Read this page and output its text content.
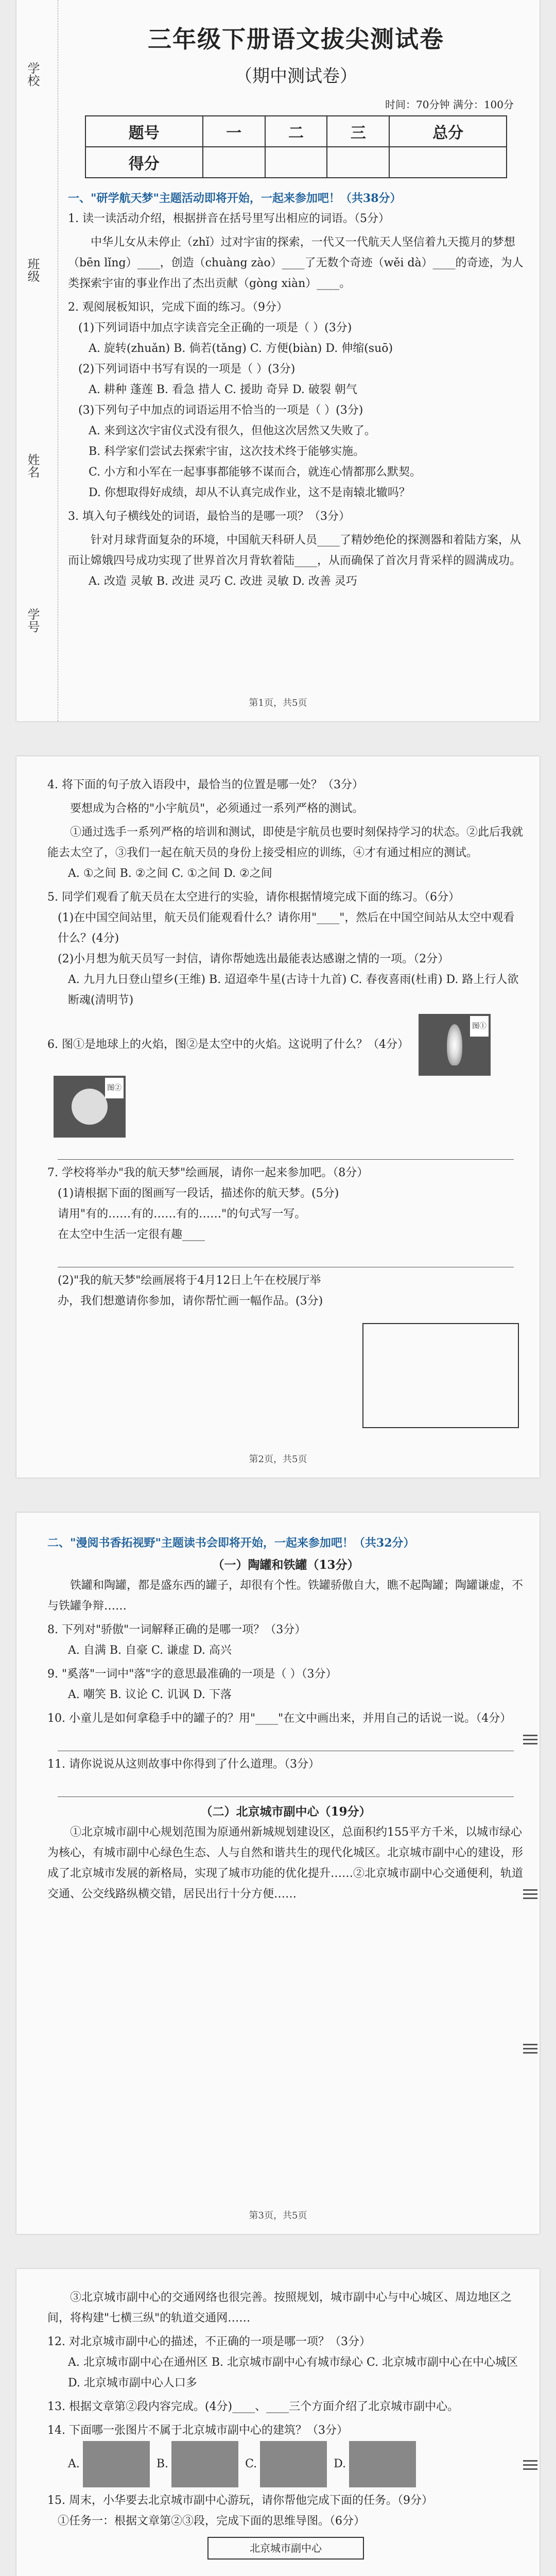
学校
班级
姓名
学号
三年级下册语文拔尖测试卷
（期中测试卷）
时间：70分钟 满分：100分
题号	一	二	三	总分
得分				
一、"研学航天梦"主题活动即将开始，一起来参加吧！（共38分）
1. 读一读活动介绍，根据拼音在括号里写出相应的词语。（5分）
中华儿女从未停止（zhǐ）过对宇宙的探索，一代又一代航天人坚信着九天揽月的梦想（bēn lǐng）____，创造（chuàng zào）____了无数个奇迹（wěi dà）____的奇迹，为人类探索宇宙的事业作出了杰出贡献（gòng xiàn）____。
2. 观阅展板知识，完成下面的练习。（9分）
(1)下列词语中加点字读音完全正确的一项是（ ）(3分)
A. 旋转(zhuǎn) B. 倘若(tǎng) C. 方便(biàn) D. 伸缩(suō)
(2)下列词语中书写有误的一项是（ ）(3分)
A. 耕种 蓬莲 B. 看急 措人 C. 援助 奇异 D. 破裂 朝气
(3)下列句子中加点的词语运用不恰当的一项是（ ）(3分)
A. 来到这次宇宙仪式没有很久，但他这次居然又失败了。
B. 科学家们尝试去探索宇宙，这次技术终于能够实施。
C. 小方和小军在一起事事都能够不谋而合，就连心情都那么默契。
D. 你想取得好成绩，却从不认真完成作业，这不是南辕北辙吗？
3. 填入句子横线处的词语，最恰当的是哪一项？（3分）
针对月球背面复杂的环境，中国航天科研人员____了精妙绝伦的探测器和着陆方案，从而让嫦娥四号成功实现了世界首次月背软着陆____，从而确保了首次月背采样的圆满成功。
A. 改造 灵敏 B. 改进 灵巧 C. 改进 灵敏 D. 改善 灵巧
第1页，共5页
4. 将下面的句子放入语段中，最恰当的位置是哪一处？（3分）
要想成为合格的"小宇航员"，必须通过一系列严格的测试。
①通过选手一系列严格的培训和测试，即使是宇航员也要时刻保持学习的状态。②此后我就能去太空了，③我们一起在航天员的身份上接受相应的训练，④才有通过相应的测试。
A. ①之间 B. ②之间 C. ①之间 D. ②之间
5. 同学们观看了航天员在太空进行的实验，请你根据情境完成下面的练习。（6分）
(1)在中国空间站里，航天员们能观看什么？请你用"____"，然后在中国空间站从太空中观看什么？(4分)
(2)小月想为航天员写一封信，请你帮她选出最能表达感谢之情的一项。（2分）
A. 九月九日登山望乡(王维) B. 迢迢牵牛星(古诗十九首) C. 春夜喜雨(杜甫) D. 路上行人欲断魂(清明节)
6. 图①是地球上的火焰，图②是太空中的火焰。这说明了什么？（4分）
图①

图②
7. 学校将举办"我的航天梦"绘画展，请你一起来参加吧。（8分）
(1)请根据下面的图画写一段话，描述你的航天梦。(5分)
请用"有的……有的……有的……"的句式写一写。
在太空中生活一定很有趣____
(2)"我的航天梦"绘画展将于4月12日上午在校展厅举办，我们想邀请你参加，请你帮忙画一幅作品。(3分)
第2页，共5页
二、"漫阅书香拓视野"主题读书会即将开始，一起来参加吧！（共32分）
（一）陶罐和铁罐（13分）
铁罐和陶罐，都是盛东西的罐子，却很有个性。铁罐骄傲自大，瞧不起陶罐；陶罐谦虚，不与铁罐争辩……
8. 下列对"骄傲"一词解释正确的是哪一项？（3分）
A. 自满 B. 自豪 C. 谦虚 D. 高兴
9. "奚落"一词中"落"字的意思最准确的一项是（ ）（3分）
A. 嘲笑 B. 议论 C. 讥讽 D. 下落
10. 小童儿是如何拿稳手中的罐子的？用"____"在文中画出来，并用自己的话说一说。（4分）
11. 请你说说从这则故事中你得到了什么道理。（3分）
（二）北京城市副中心（19分）
①北京城市副中心规划范围为原通州新城规划建设区，总面积约155平方千米，以城市绿心为核心，有城市副中心绿色生态、人与自然和谐共生的现代化城区。北京城市副中心的建设，形成了北京城市发展的新格局，实现了城市功能的优化提升……②北京城市副中心交通便利，轨道交通、公交线路纵横交错，居民出行十分方便……
第3页，共5页
③北京城市副中心的交通网络也很完善。按照规划，城市副中心与中心城区、周边地区之间，将构建"七横三纵"的轨道交通网……
12. 对北京城市副中心的描述，不正确的一项是哪一项？（3分）
A. 北京城市副中心在通州区 B. 北京城市副中心有城市绿心 C. 北京城市副中心在中心城区 D. 北京城市副中心人口多
13. 根据文章第②段内容完成。(4分)____、____三个方面介绍了北京城市副中心。
14. 下面哪一张图片不属于北京城市副中心的建筑？（3分）
A.	B.	C.	D.
15. 周末，小华要去北京城市副中心游玩，请你帮他完成下面的任务。（9分）
①任务一：根据文章第②③段，完成下面的思维导图。（6分）
北京城市副中心
